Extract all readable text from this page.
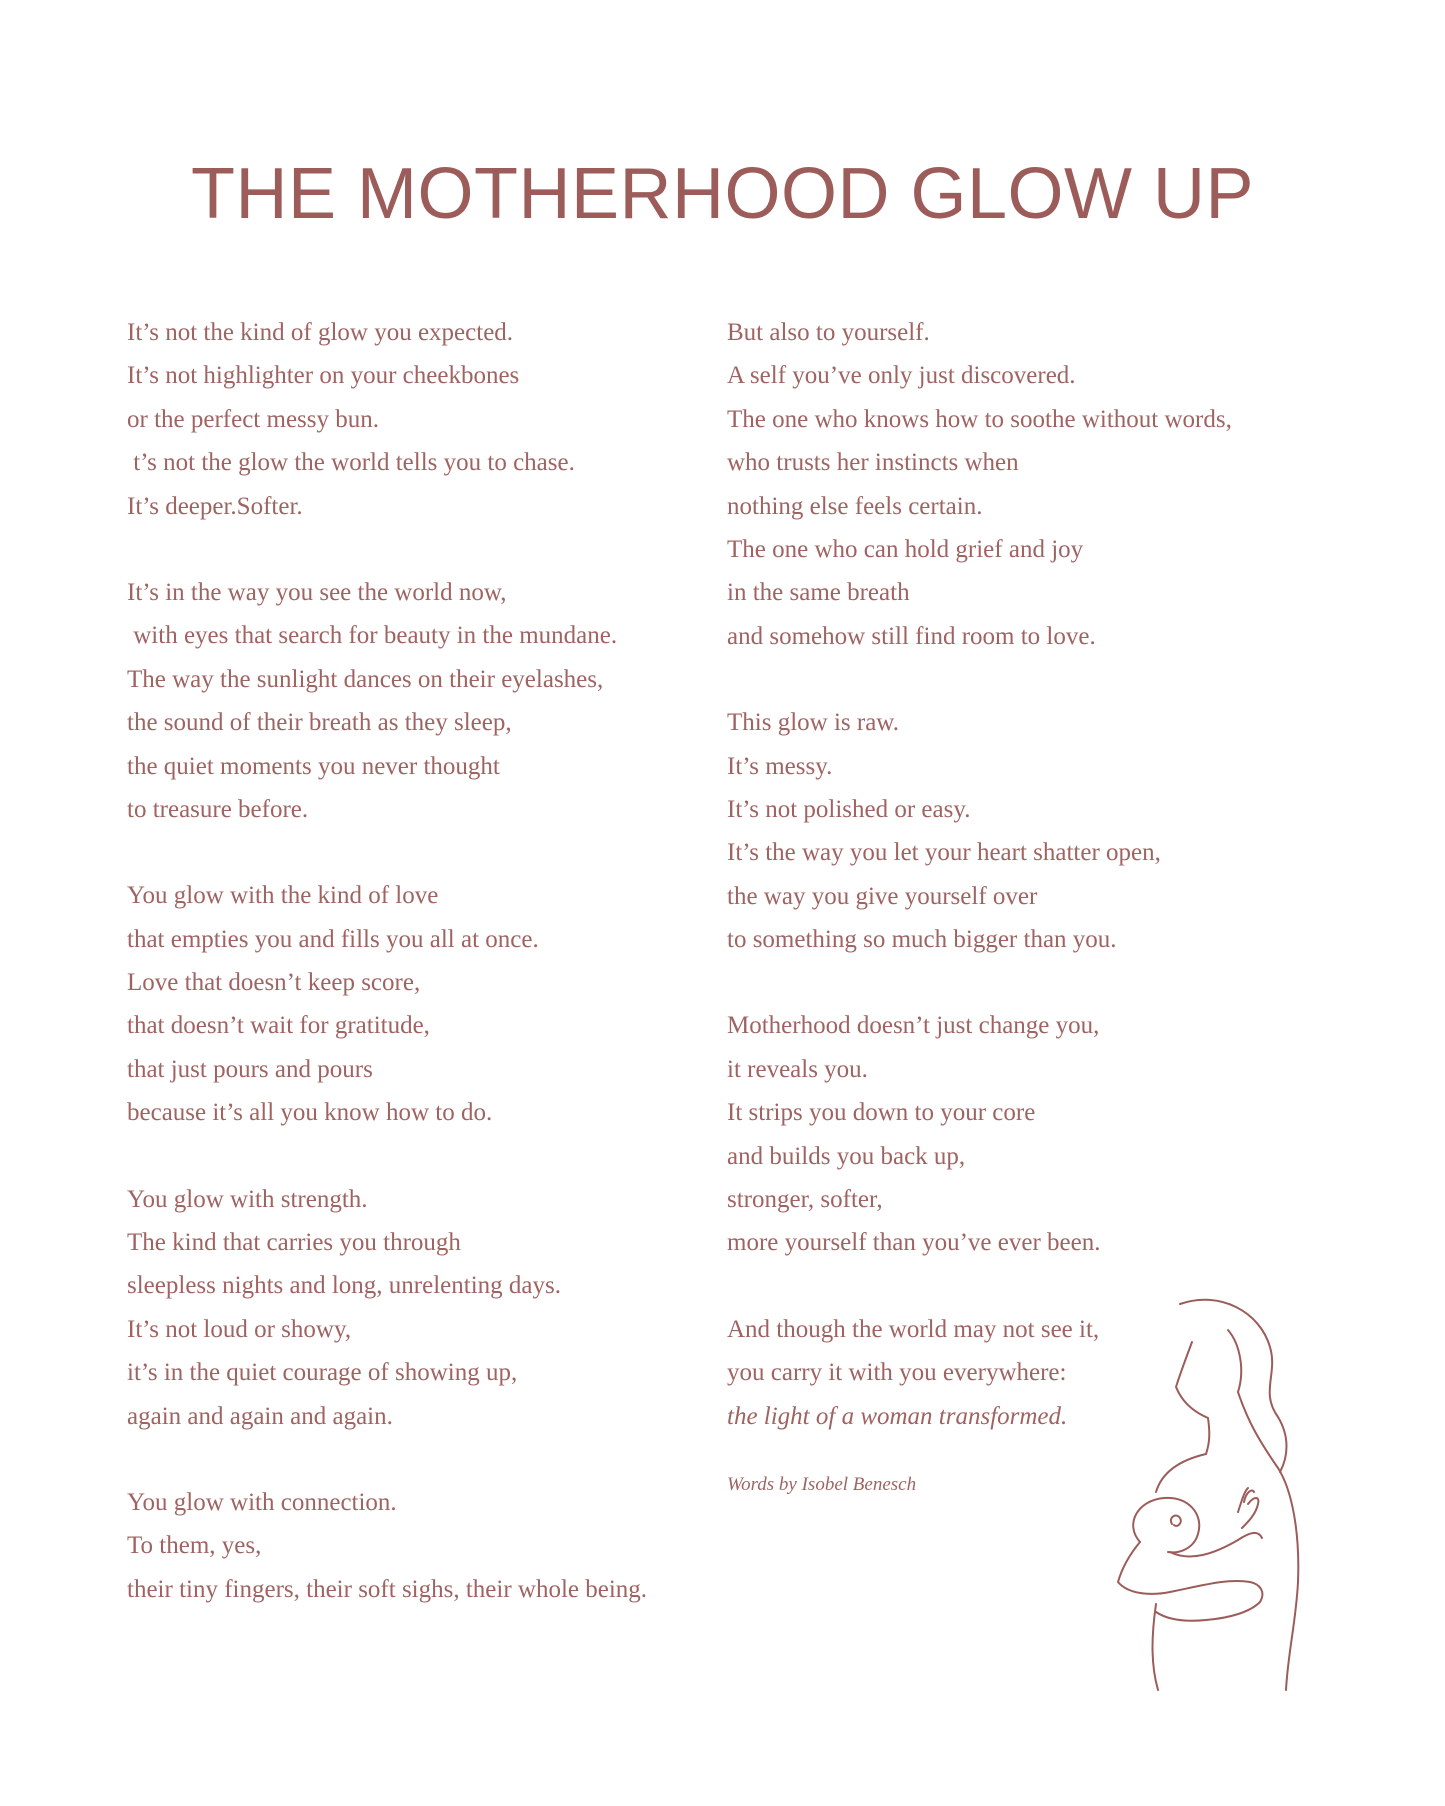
THE MOTHERHOOD GLOW UP
It’s not the kind of glow you expected.
It’s not highlighter on your cheekbones
or the perfect messy bun.
t’s not the glow the world tells you to chase.
It’s deeper.Softer.
It’s in the way you see the world now,
with eyes that search for beauty in the mundane.
The way the sunlight dances on their eyelashes,
the sound of their breath as they sleep,
the quiet moments you never thought
to treasure before.
You glow with the kind of love
that empties you and fills you all at once.
Love that doesn’t keep score,
that doesn’t wait for gratitude,
that just pours and pours
because it’s all you know how to do.
You glow with strength.
The kind that carries you through
sleepless nights and long, unrelenting days.
It’s not loud or showy,
it’s in the quiet courage of showing up,
again and again and again.
You glow with connection.
To them, yes,
their tiny fingers, their soft sighs, their whole being.
But also to yourself.
A self you’ve only just discovered.
The one who knows how to soothe without words,
who trusts her instincts when
nothing else feels certain.
The one who can hold grief and joy
in the same breath
and somehow still find room to love.
This glow is raw.
It’s messy.
It’s not polished or easy.
It’s the way you let your heart shatter open,
the way you give yourself over
to something so much bigger than you.
Motherhood doesn’t just change you,
it reveals you.
It strips you down to your core
and builds you back up,
stronger, softer,
more yourself than you’ve ever been.
And though the world may not see it,
you carry it with you everywhere:
the light of a woman transformed.
Words by Isobel Benesch
